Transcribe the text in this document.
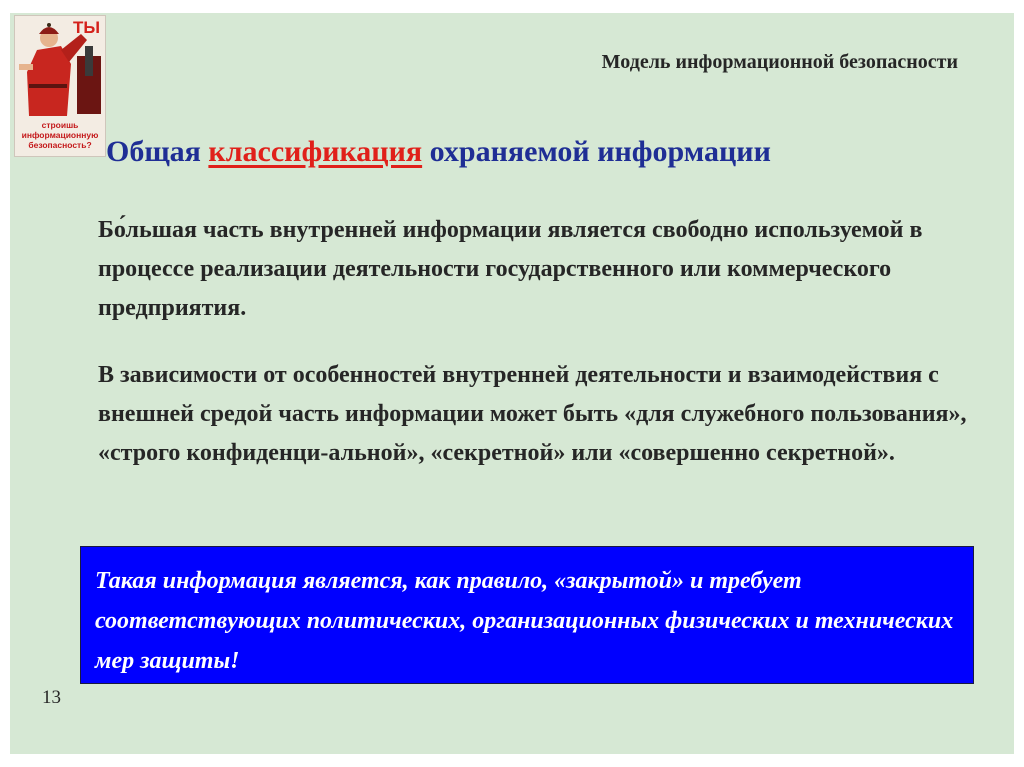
ТЫ
строишь
информационную
безопасность?
Модель информационной безопасности
Общая классификация охраняемой информации
Бо́льшая часть внутренней информации является свободно используемой в процессе реализации деятельности государственного или коммерческого предприятия.
В зависимости от особенностей внутренней деятельности и взаимодействия с внешней средой часть информации может быть «для служебного пользования», «строго конфиденци-альной», «секретной» или «совершенно секретной».
Такая информация является, как правило, «закрытой» и требует соответствующих политических, организационных физических и технических мер защиты!
13
